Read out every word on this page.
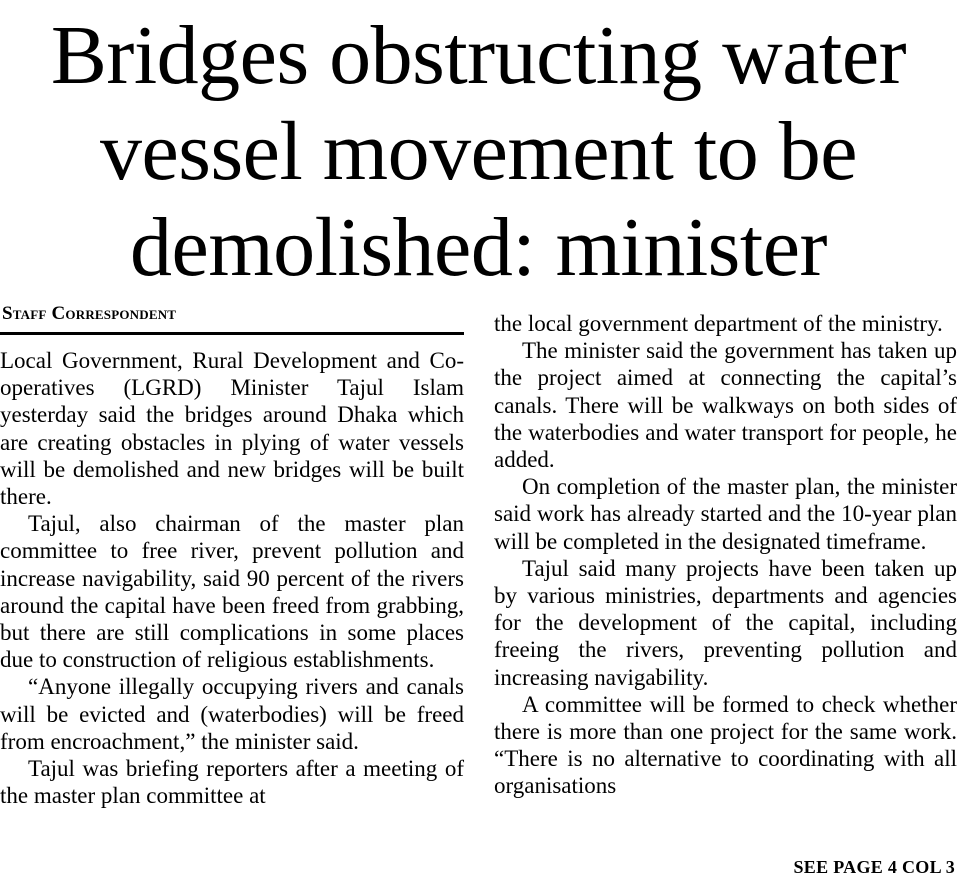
Bridges obstructing water
vessel movement to be
demolished: minister
Staff Correspondent

Local Government, Rural Development and Co-operatives (LGRD) Minister Tajul Islam yesterday said the bridges around Dhaka which are creating obstacles in plying of water vessels will be demolished and new bridges will be built there.

Tajul, also chairman of the master plan committee to free river, prevent pollution and increase navigability, said 90 percent of the rivers around the capital have been freed from grabbing, but there are still complications in some places due to construction of religious establishments.

“Anyone illegally occupying rivers and canals will be evicted and (waterbodies) will be freed from encroachment,” the minister said.

Tajul was briefing reporters after a meeting of the master plan committee at

the local government department of the ministry.

The minister said the government has taken up the project aimed at connecting the capital’s canals. There will be walkways on both sides of the waterbodies and water transport for people, he added.

On completion of the master plan, the minister said work has already started and the 10-year plan will be completed in the designated timeframe.

Tajul said many projects have been taken up by various ministries, departments and agencies for the development of the capital, including freeing the rivers, preventing pollution and increasing navigability.

A committee will be formed to check whether there is more than one project for the same work. “There is no alternative to coordinating with all organisations

SEE PAGE 4 COL 3
